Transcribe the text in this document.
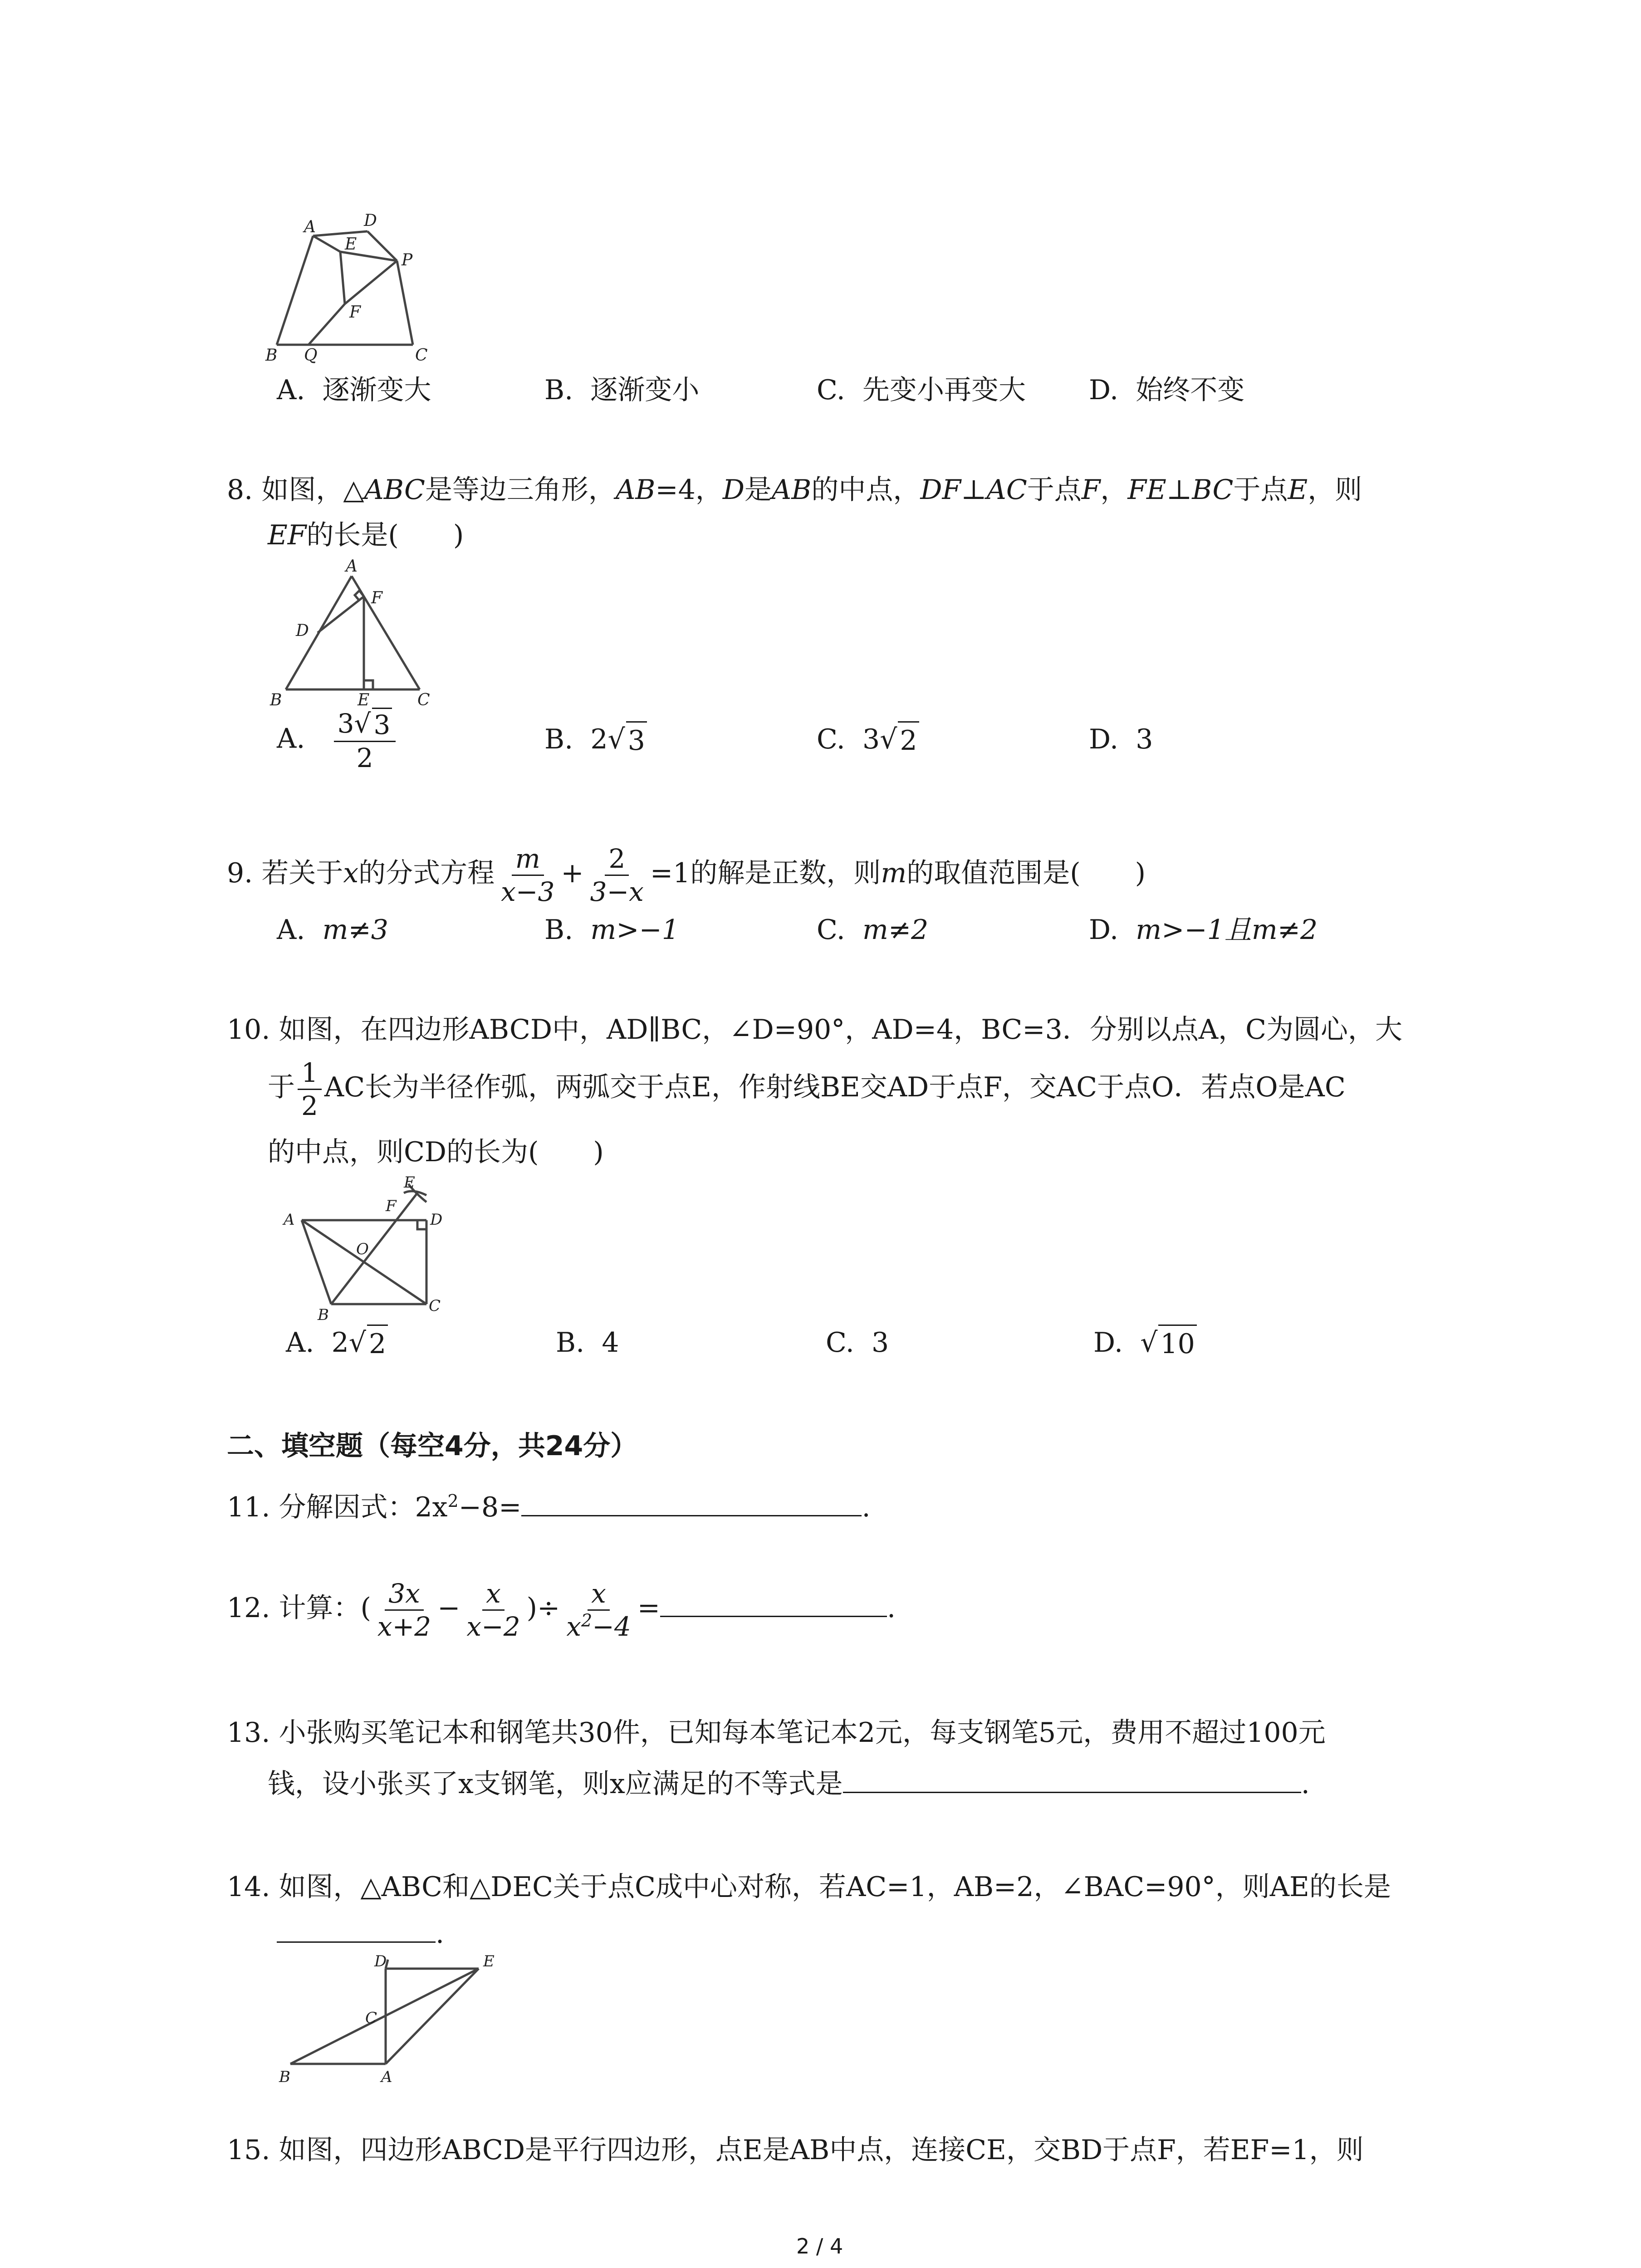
A	D
E
P
F
B Q	C
A. 逐渐变大	B. 逐渐变小	C. 先变小再变大 D. 始终不变
8. 如图，△ABC是等边三角形，AB=4，D是AB的中点，DF⊥AC于点F，FE⊥BC于点E，则
EF的长是(　　)
A
F
D
B	E	C
A. $\frac{3 √ 3}{2}$	B. 2 √ 3	C. 3 √ 2	D. 3
9. 若关于x的分式方程 $\frac{m}{x-3} + \frac{2}{3-x} =1$的解是正数，则m的取值范围是(　　)
A. m≠3	B. m>−1	C. m≠2	D. m>−1且m≠2
10. 如图，在四边形ABCD中，AD∥BC，∠D=90°，AD=4，BC=3．分别以点A，C为圆心，大
于 $\frac{1}{2}$ AC长为半径作弧，两弧交于点E，作射线BE交AD于点F，交AC于点O．若点O是AC
的中点，则CD的长为(　　)
E
F
A	D
O
B	C
A. 2 √ 2	B. 4	C. 3	D. √ 10
二、填空题（每空4分，共24分）
11. 分解因式：$2x^2-8=$	.
12. 计算：( $\frac{3x}{x+2} - \frac{x}{x-2}$ )÷ $\frac{x}{x^2-4}$ =	.
13. 小张购买笔记本和钢笔共30件，已知每本笔记本2元，每支钢笔5元，费用不超过100元
钱，设小张买了x支钢笔，则x应满足的不等式是	.
14. 如图，△ABC和△DEC关于点C成中心对称，若AC=1，AB=2，∠BAC=90°，则AE的长是
.
D	E
C
B	A
15. 如图，四边形ABCD是平行四边形，点E是AB中点，连接CE，交BD于点F，若EF=1，则
2 / 4
